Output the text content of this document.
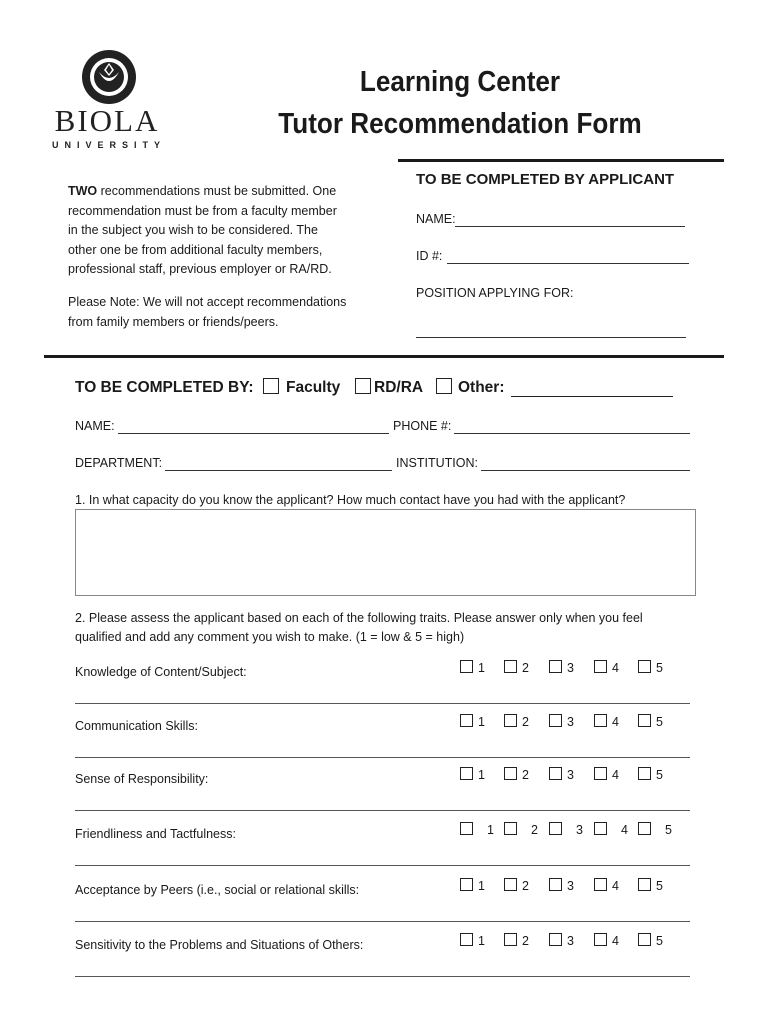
BIOLA
UNIVERSITY
Learning Center
Tutor Recommendation Form
TWO recommendations must be submitted. One
recommendation must be from a faculty member
in the subject you wish to be considered. The
other one be from additional faculty members,
professional staff, previous employer or RA/RD.
Please Note: We will not accept recommendations
from family members or friends/peers.
TO BE COMPLETED BY APPLICANT
NAME:
ID #:
POSITION APPLYING FOR:
TO BE COMPLETED BY: Faculty RD/RA Other:
NAME:	PHONE #:
DEPARTMENT:	INSTITUTION:
1. In what capacity do you know the applicant? How much contact have you had with the applicant?
2. Please assess the applicant based on each of the following traits. Please answer only when you feel
qualified and add any comment you wish to make. (1 = low & 5 = high)
Knowledge of Content/Subject:	1	2	3	4	5
Communication Skills:	1	2	3	4	5
Sense of Responsibility:	1	2	3	4	5
Friendliness and Tactfulness:	1	2	3	4	5
Acceptance by Peers (i.e., social or relational skills:	1	2	3	4	5
Sensitivity to the Problems and Situations of Others:	1	2	3	4	5
